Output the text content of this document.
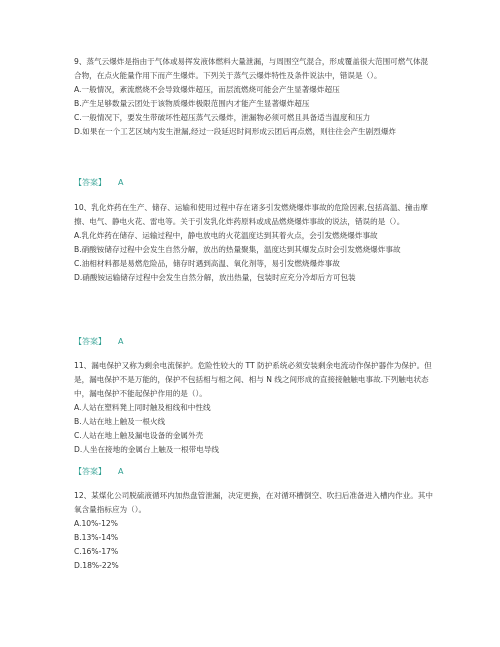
9、蒸气云爆炸是指由于气体或易挥发液体燃料大量泄漏，与周围空气混合，形成覆盖很大范围可燃气体混合物，在点火能量作用下而产生爆炸。下列关于蒸气云爆炸特性及条件说法中，错误是（）。

A.一般情况，紊流燃烧不会导致爆炸超压，而层流燃烧可能会产生显著爆炸超压

B.产生足够数量云团处于该物质爆炸极限范围内才能产生显著爆炸超压

C.一般情况下，要发生带破坏性超压蒸气云爆炸，泄漏物必须可燃且具备适当温度和压力

D.如果在一个工艺区域内发生泄漏,经过一段延迟时间形成云团后再点燃，则往往会产生剧烈爆炸

【答案】 A

10、乳化炸药在生产、储存、运输和使用过程中存在诸多引发燃烧爆炸事故的危险因素,包括高温、撞击摩擦、电气、静电火花、雷电等。关于引发乳化炸药原料或成品燃烧爆炸事故的说法，错误的是（）。

A.乳化炸药在储存、运输过程中，静电放电的火花温度达到其着火点，会引发燃烧爆炸事故

B.硝酸铵储存过程中会发生自然分解，放出的热量聚集，温度达到其爆发点时会引发燃烧爆炸事故

C.油相材料都是易燃危险品，储存时遇到高温、氧化剂等，易引发燃烧爆炸事故

D.硝酸铵运输储存过程中会发生自然分解，放出热量，包装时应充分冷却后方可包装

【答案】 A

11、漏电保护又称为剩余电流保护。危险性较大的 TT 防护系统必须安装剩余电流动作保护器作为保护。但是，漏电保护不是万能的，保护不包括相与相之间、相与 N 线之间形成的直接接触触电事故.下列触电状态中，漏电保护不能起保护作用的是（）。

A.人站在塑料凳上同时触及相线和中性线

B.人站在地上触及一根火线

C.人站在地上触及漏电设备的金属外壳

D.人坐在接地的金属台上触及一根带电导线

【答案】 A

12、某煤化公司脱硫液循环内加热盘管泄漏，决定更换，在对循环槽倒空、吹扫后准备进入槽内作业。其中氧含量指标应为（）。

A.10%-12%

B.13%-14%

C.16%-17%

D.18%-22%
